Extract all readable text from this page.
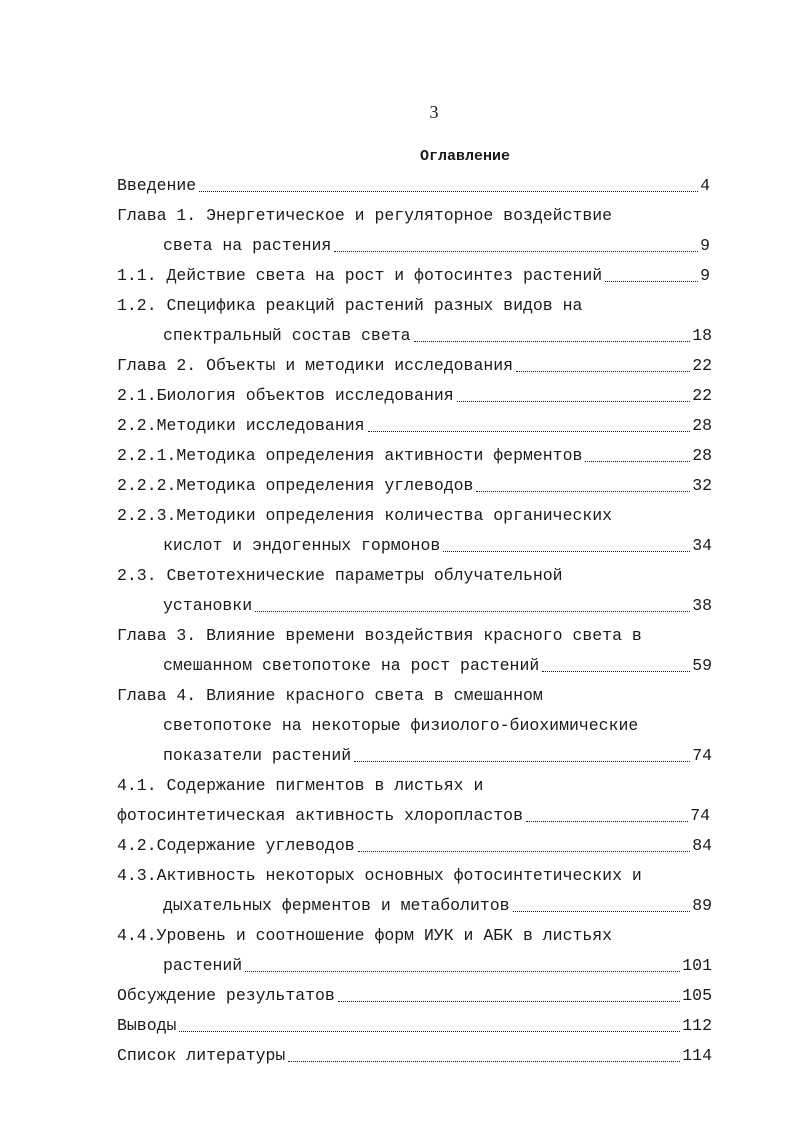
3
Оглавление
Введение	4
Глава 1. Энергетическое и регуляторное воздействие
света на растения	9
1.1. Действие света на рост и фотосинтез растений	9
1.2. Специфика реакций растений разных видов на
спектральный состав света	18
Глава 2. Объекты и методики исследования	22
2.1.Биология объектов исследования	22
2.2.Методики исследования	28
2.2.1.Методика определения активности ферментов	28
2.2.2.Методика определения углеводов	32
2.2.3.Методики определения количества органических
кислот и эндогенных гормонов	34
2.3. Светотехнические параметры облучательной
установки	38
Глава 3. Влияние времени воздействия красного света в
смешанном светопотоке на рост растений	59
Глава 4. Влияние красного света в смешанном
светопотоке на некоторые физиолого-биохимические
показатели растений	74
4.1. Содержание пигментов в листьях и
фотосинтетическая активность хлоропластов	74
4.2.Содержание углеводов	84
4.3.Активность некоторых основных фотосинтетических и
дыхательных ферментов и метаболитов	89
4.4.Уровень и соотношение форм ИУК и АБК в листьях
растений	101
Обсуждение результатов	105
Выводы	112
Список литературы	114
